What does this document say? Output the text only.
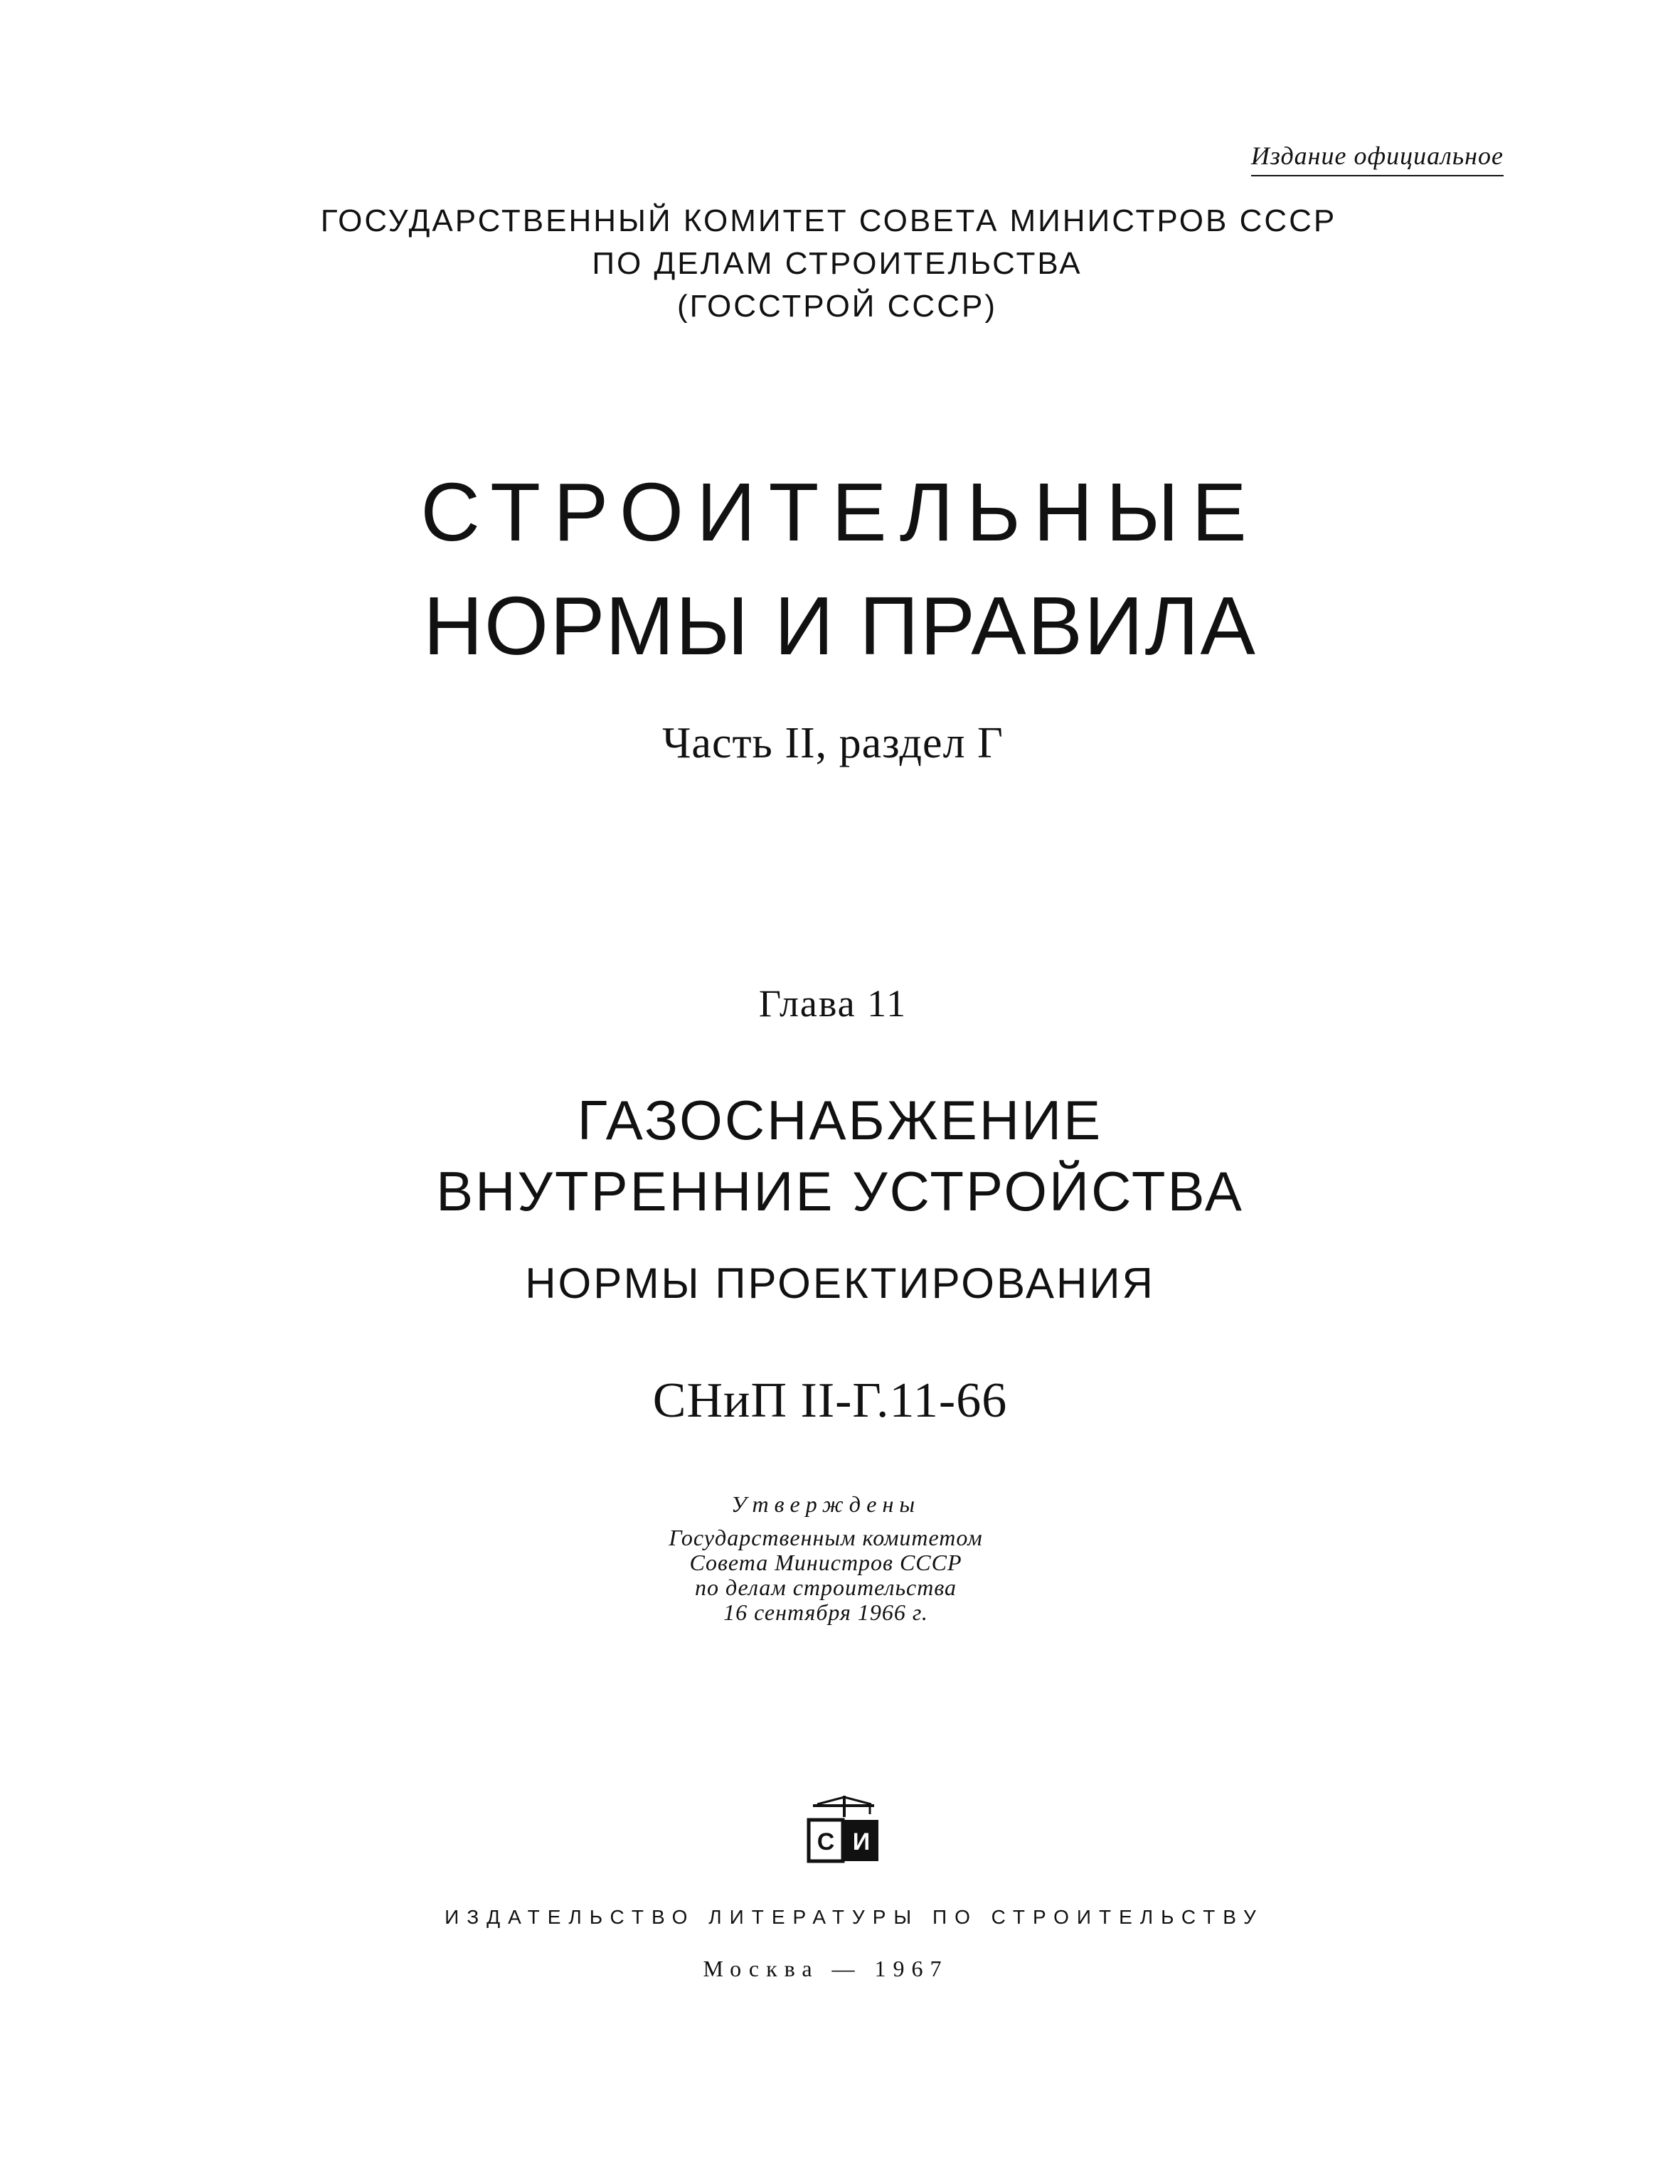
Издание официальное
ГОСУДАРСТВЕННЫЙ КОМИТЕТ СОВЕТА МИНИСТРОВ СССР
ПО ДЕЛАМ СТРОИТЕЛЬСТВА
(ГОССТРОЙ СССР)
СТРОИТЕЛЬНЫЕ
НОРМЫ И ПРАВИЛА
Часть II, раздел Г
Глава 11
ГАЗОСНАБЖЕНИЕ
ВНУТРЕННИЕ УСТРОЙСТВА
НОРМЫ ПРОЕКТИРОВАНИЯ
СНиП II-Г.11-66
Утверждены
Государственным комитетом
Совета Министров СССР
по делам строительства
16 сентября 1966 г.
С И
ИЗДАТЕЛЬСТВО ЛИТЕРАТУРЫ ПО СТРОИТЕЛЬСТВУ
Москва — 1967
